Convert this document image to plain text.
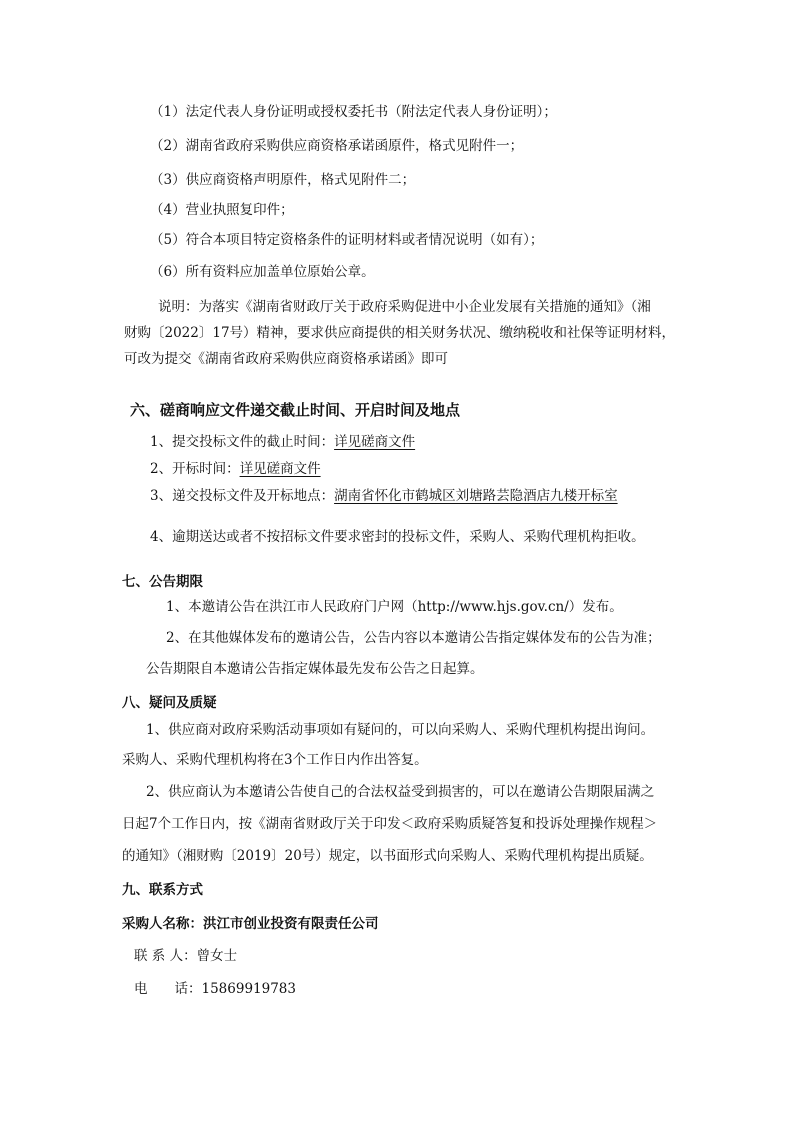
（1）法定代表人身份证明或授权委托书（附法定代表人身份证明）；
（2）湖南省政府采购供应商资格承诺函原件，格式见附件一；
（3）供应商资格声明原件，格式见附件二；
（4）营业执照复印件；
（5）符合本项目特定资格条件的证明材料或者情况说明（如有）；
（6）所有资料应加盖单位原始公章。
说明：为落实《湖南省财政厅关于政府采购促进中小企业发展有关措施的通知》（湘
财购〔2022〕17号）精神，要求供应商提供的相关财务状况、缴纳税收和社保等证明材料，
可改为提交《湖南省政府采购供应商资格承诺函》即可
六、磋商响应文件递交截止时间、开启时间及地点
1、提交投标文件的截止时间：详见磋商文件
2、开标时间：详见磋商文件
3、递交投标文件及开标地点：湖南省怀化市鹤城区刘塘路芸隐酒店九楼开标室
4、逾期送达或者不按招标文件要求密封的投标文件，采购人、采购代理机构拒收。
七、公告期限
1、本邀请公告在洪江市人民政府门户网（http://www.hjs.gov.cn/）发布。
2、在其他媒体发布的邀请公告，公告内容以本邀请公告指定媒体发布的公告为准；
公告期限自本邀请公告指定媒体最先发布公告之日起算。
八、疑问及质疑
1、供应商对政府采购活动事项如有疑问的，可以向采购人、采购代理机构提出询问。
采购人、采购代理机构将在3个工作日内作出答复。
2、供应商认为本邀请公告使自己的合法权益受到损害的，可以在邀请公告期限届满之
日起7个工作日内，按《湖南省财政厅关于印发＜政府采购质疑答复和投诉处理操作规程＞
的通知》（湘财购〔2019〕20号）规定，以书面形式向采购人、采购代理机构提出质疑。
九、联系方式
采购人名称：洪江市创业投资有限责任公司
联 系 人：曾女士
电　　话：15869919783
